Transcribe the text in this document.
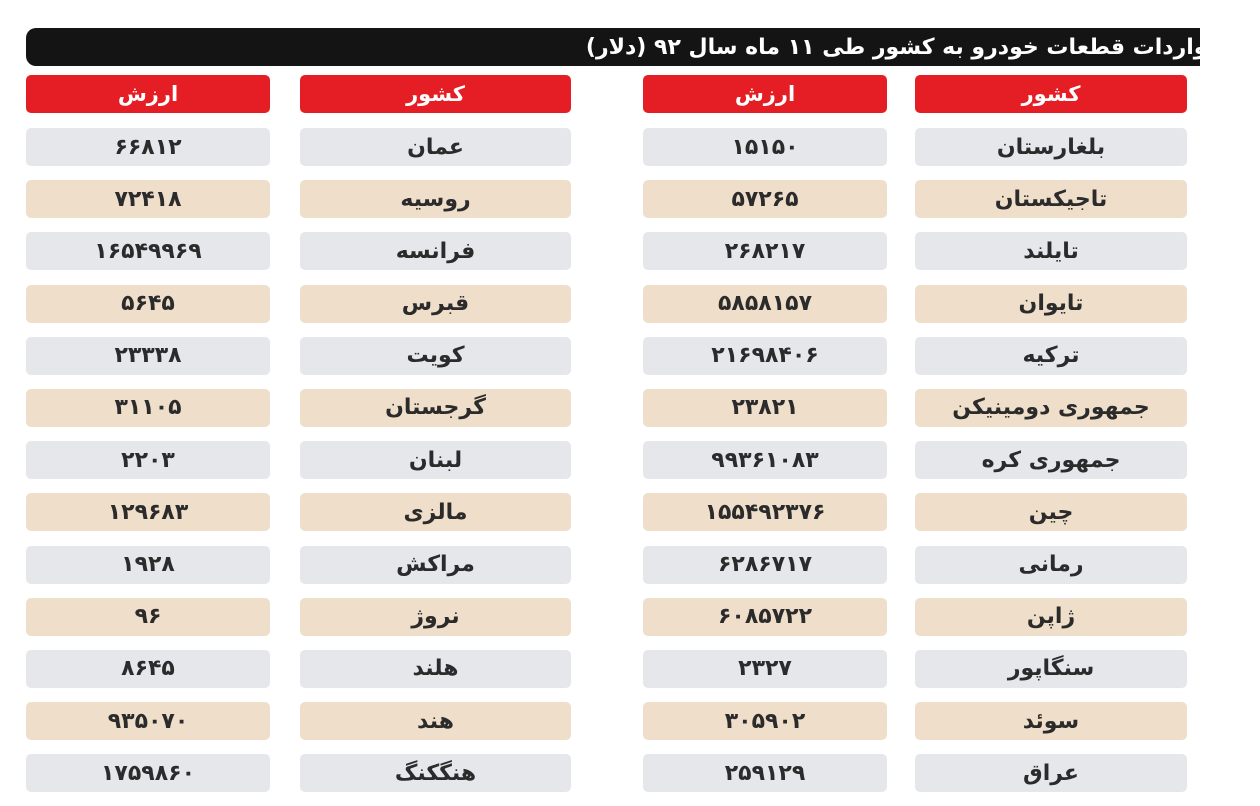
ملی واردات قطعات خودرو به کشور طی ۱۱ ماه سال ۹۲ (دلار)
کشور
بلغارستان
تاجیکستان
تایلند
تایوان
ترکیه
جمهوری دومینیکن
جمهوری کره
چین
رمانی
ژاپن
سنگاپور
سوئد
عراق
ارزش
۱۵۱۵۰
۵۷۲۶۵
۲۶۸۲۱۷
۵۸۵۸۱۵۷
۲۱۶۹۸۴۰۶
۲۳۸۲۱
۹۹۳۶۱۰۸۳
۱۵۵۴۹۲۳۷۶
۶۲۸۶۷۱۷
۶۰۸۵۷۲۲
۲۳۲۷
۳۰۵۹۰۲
۲۵۹۱۲۹
کشور
عمان
روسیه
فرانسه
قبرس
کویت
گرجستان
لبنان
مالزی
مراکش
نروژ
هلند
هند
هنگکنگ
ارزش
۶۶۸۱۲
۷۲۴۱۸
۱۶۵۴۹۹۶۹
۵۶۴۵
۲۳۳۳۸
۳۱۱۰۵
۲۲۰۳
۱۲۹۶۸۳
۱۹۲۸
۹۶
۸۶۴۵
۹۳۵۰۷۰
۱۷۵۹۸۶۰
